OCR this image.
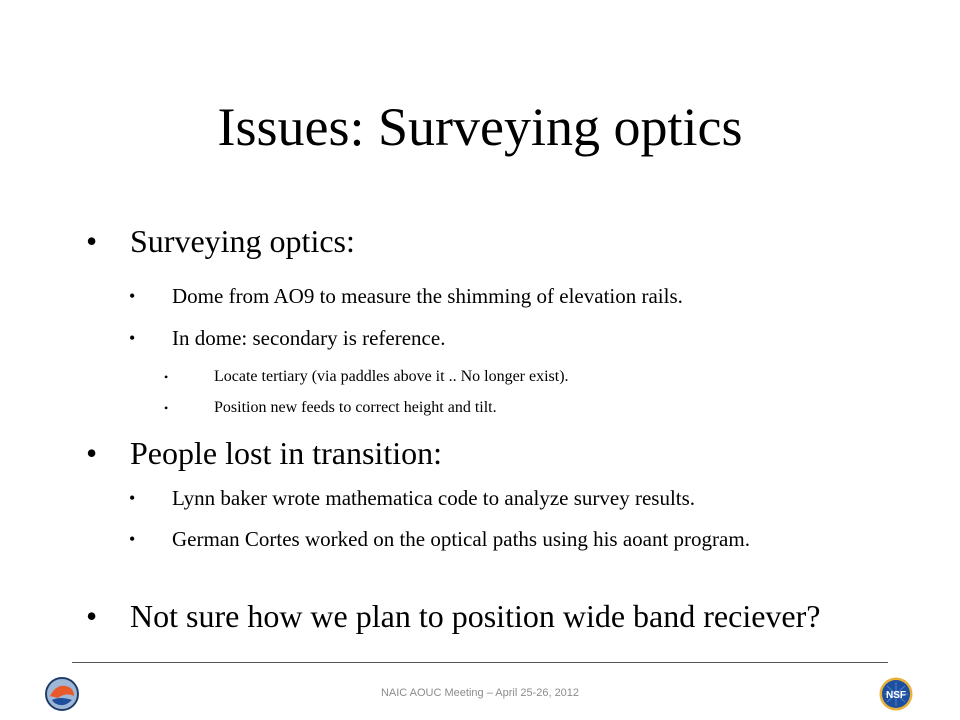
Issues: Surveying optics
• Surveying optics:
• Dome from AO9 to measure the shimming of elevation rails.
• In dome: secondary is reference.
•	Locate tertiary (via paddles above it .. No longer exist).
•	Position new feeds to correct height and tilt.
• People lost in transition:
• Lynn baker wrote mathematica code to analyze survey results.
• German Cortes worked on the optical paths using his aoant program.
• Not sure how we plan to position wide band reciever?
NAIC AOUC Meeting – April 25-26, 2012	NSF
